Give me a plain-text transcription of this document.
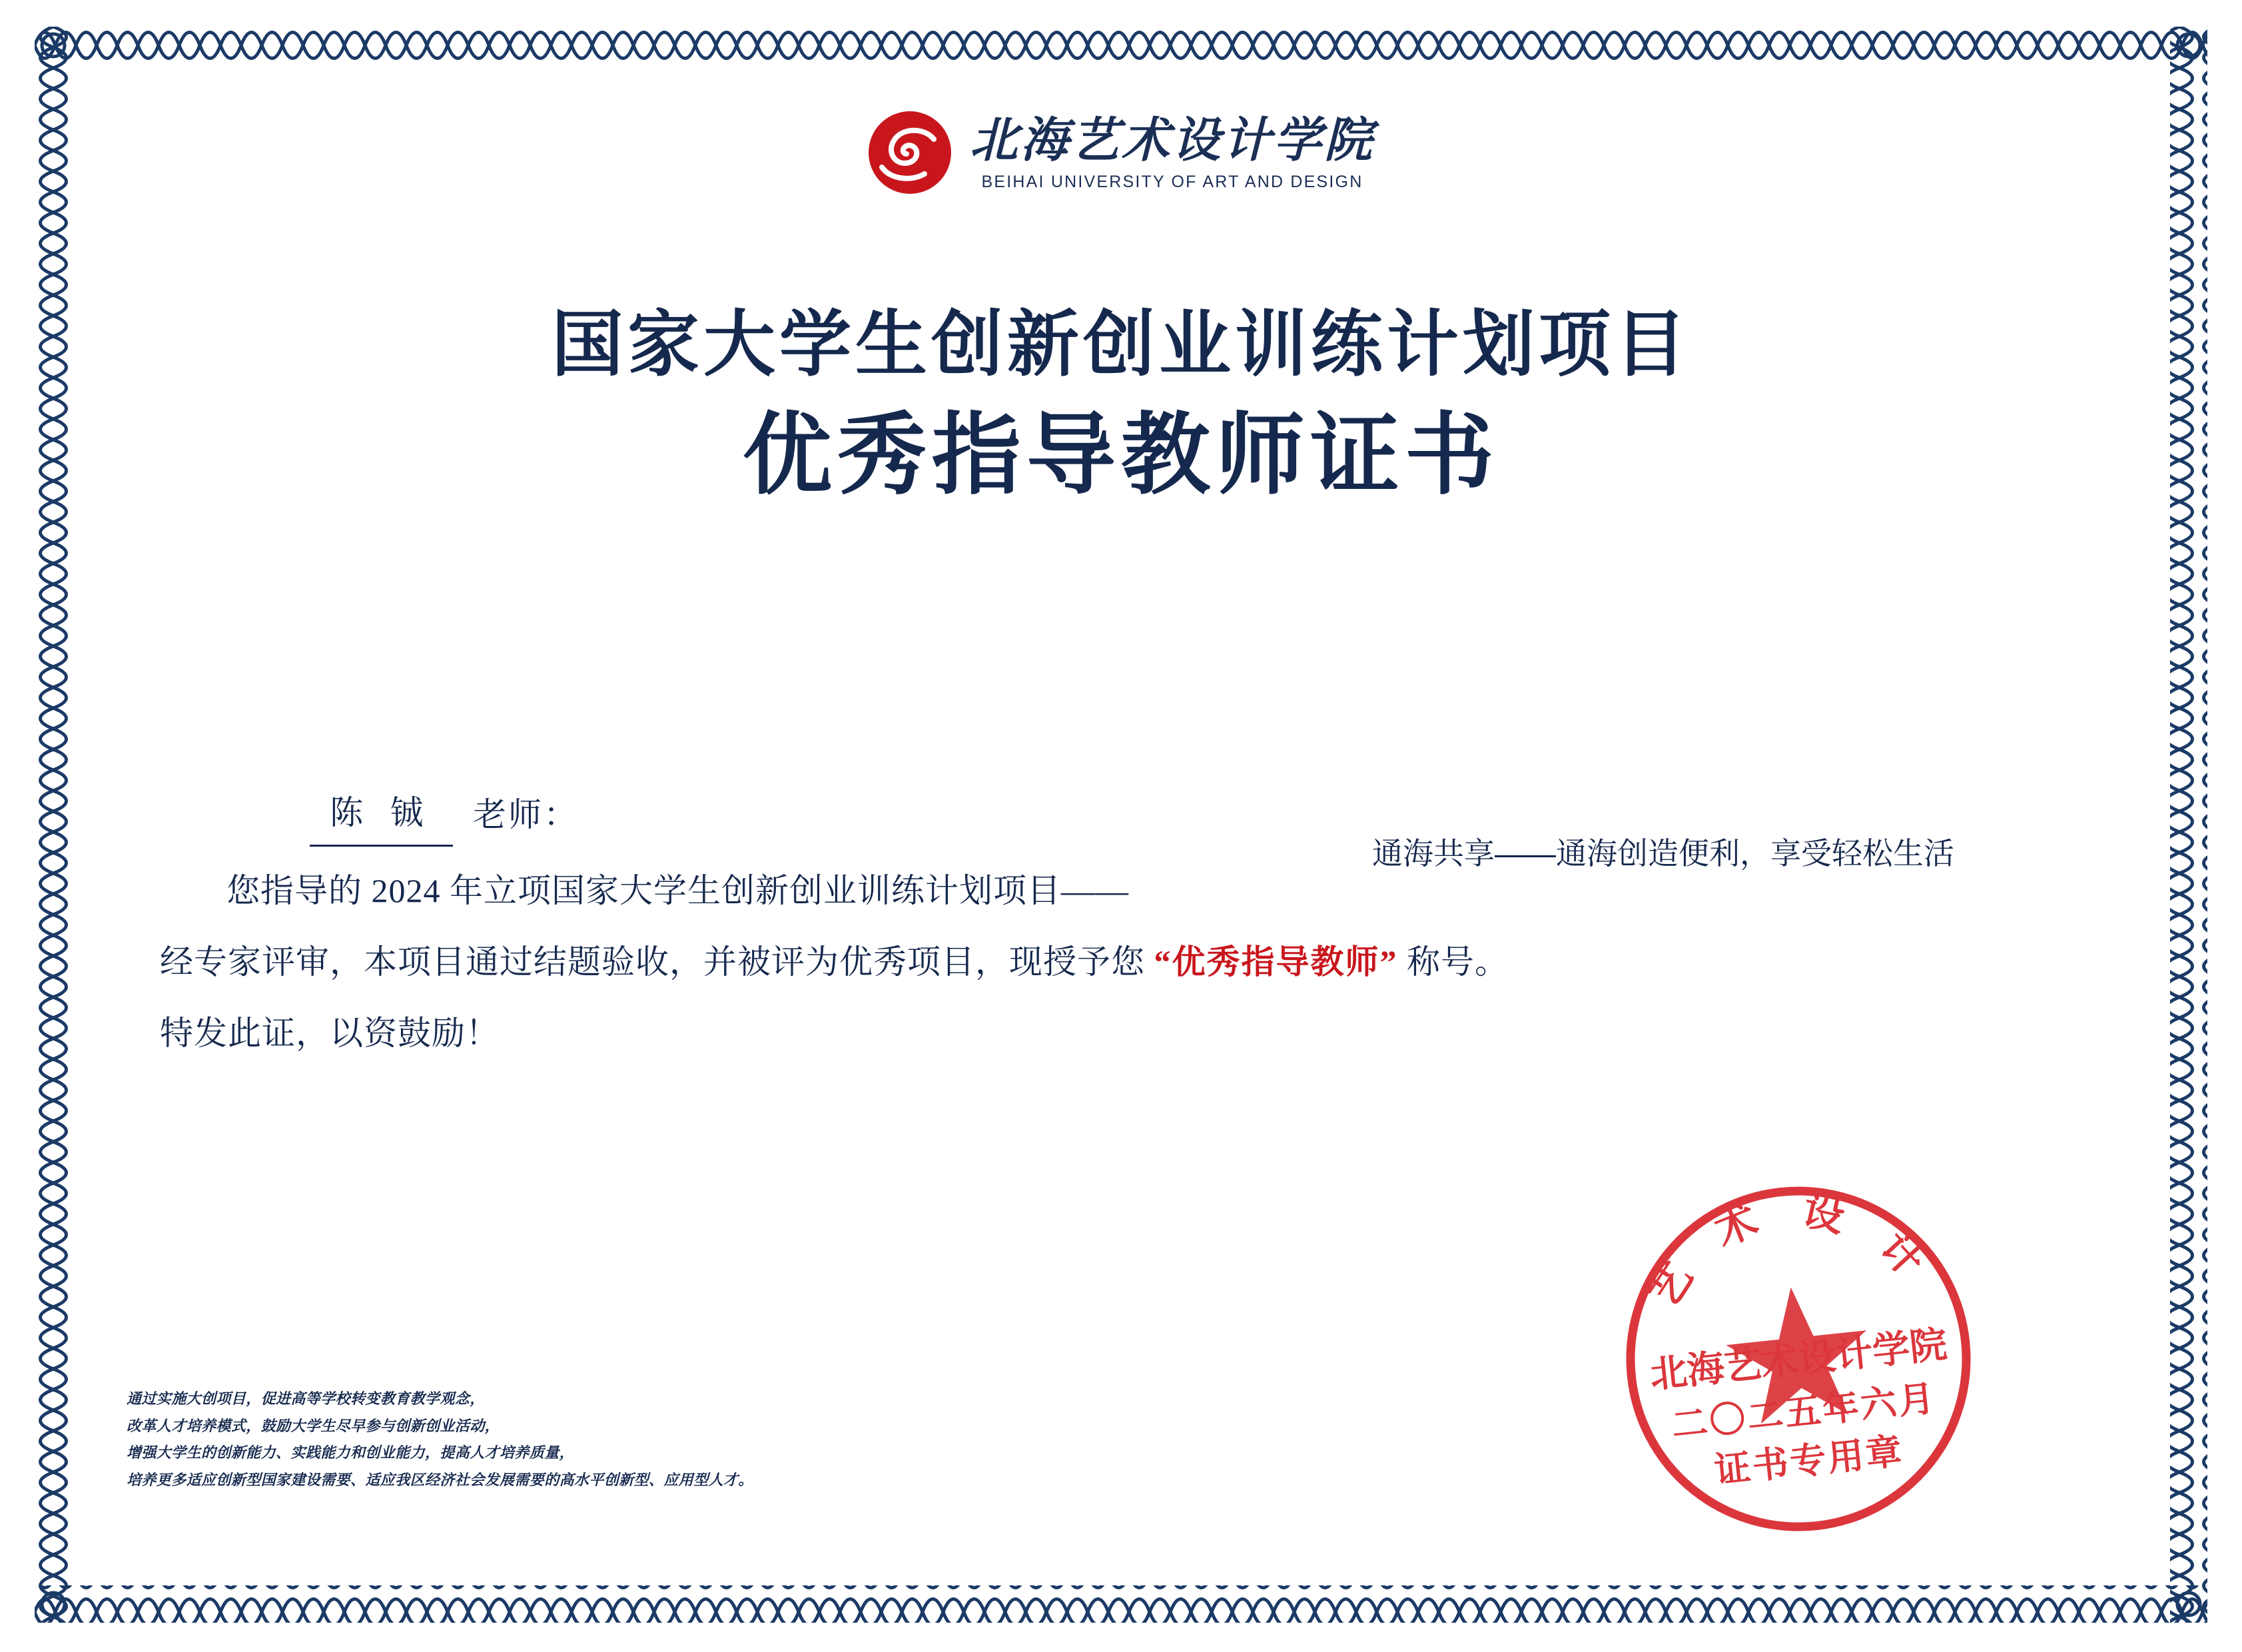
北海艺术设计学院
BEIHAI UNIVERSITY OF ART AND DESIGN
国家大学生创新创业训练计划项目
优秀指导教师证书
通海共享——通海创造便利，享受轻松生活
陈 铖	老师：
您指导的 2024 年立项国家大学生创新创业训练计划项目——
经专家评审，本项目通过结题验收，并被评为优秀项目，现授予您 “优秀指导教师” 称号。
特发此证，以资鼓励！
通过实施大创项目，促进高等学校转变教育教学观念，
改革人才培养模式，鼓励大学生尽早参与创新创业活动，
增强大学生的创新能力、实践能力和创业能力，提高人才培养质量，
培养更多适应创新型国家建设需要、适应我区经济社会发展需要的高水平创新型、应用型人才。
艺 术 设 计
北海艺术设计学院
二〇二五年六月
证书专用章
